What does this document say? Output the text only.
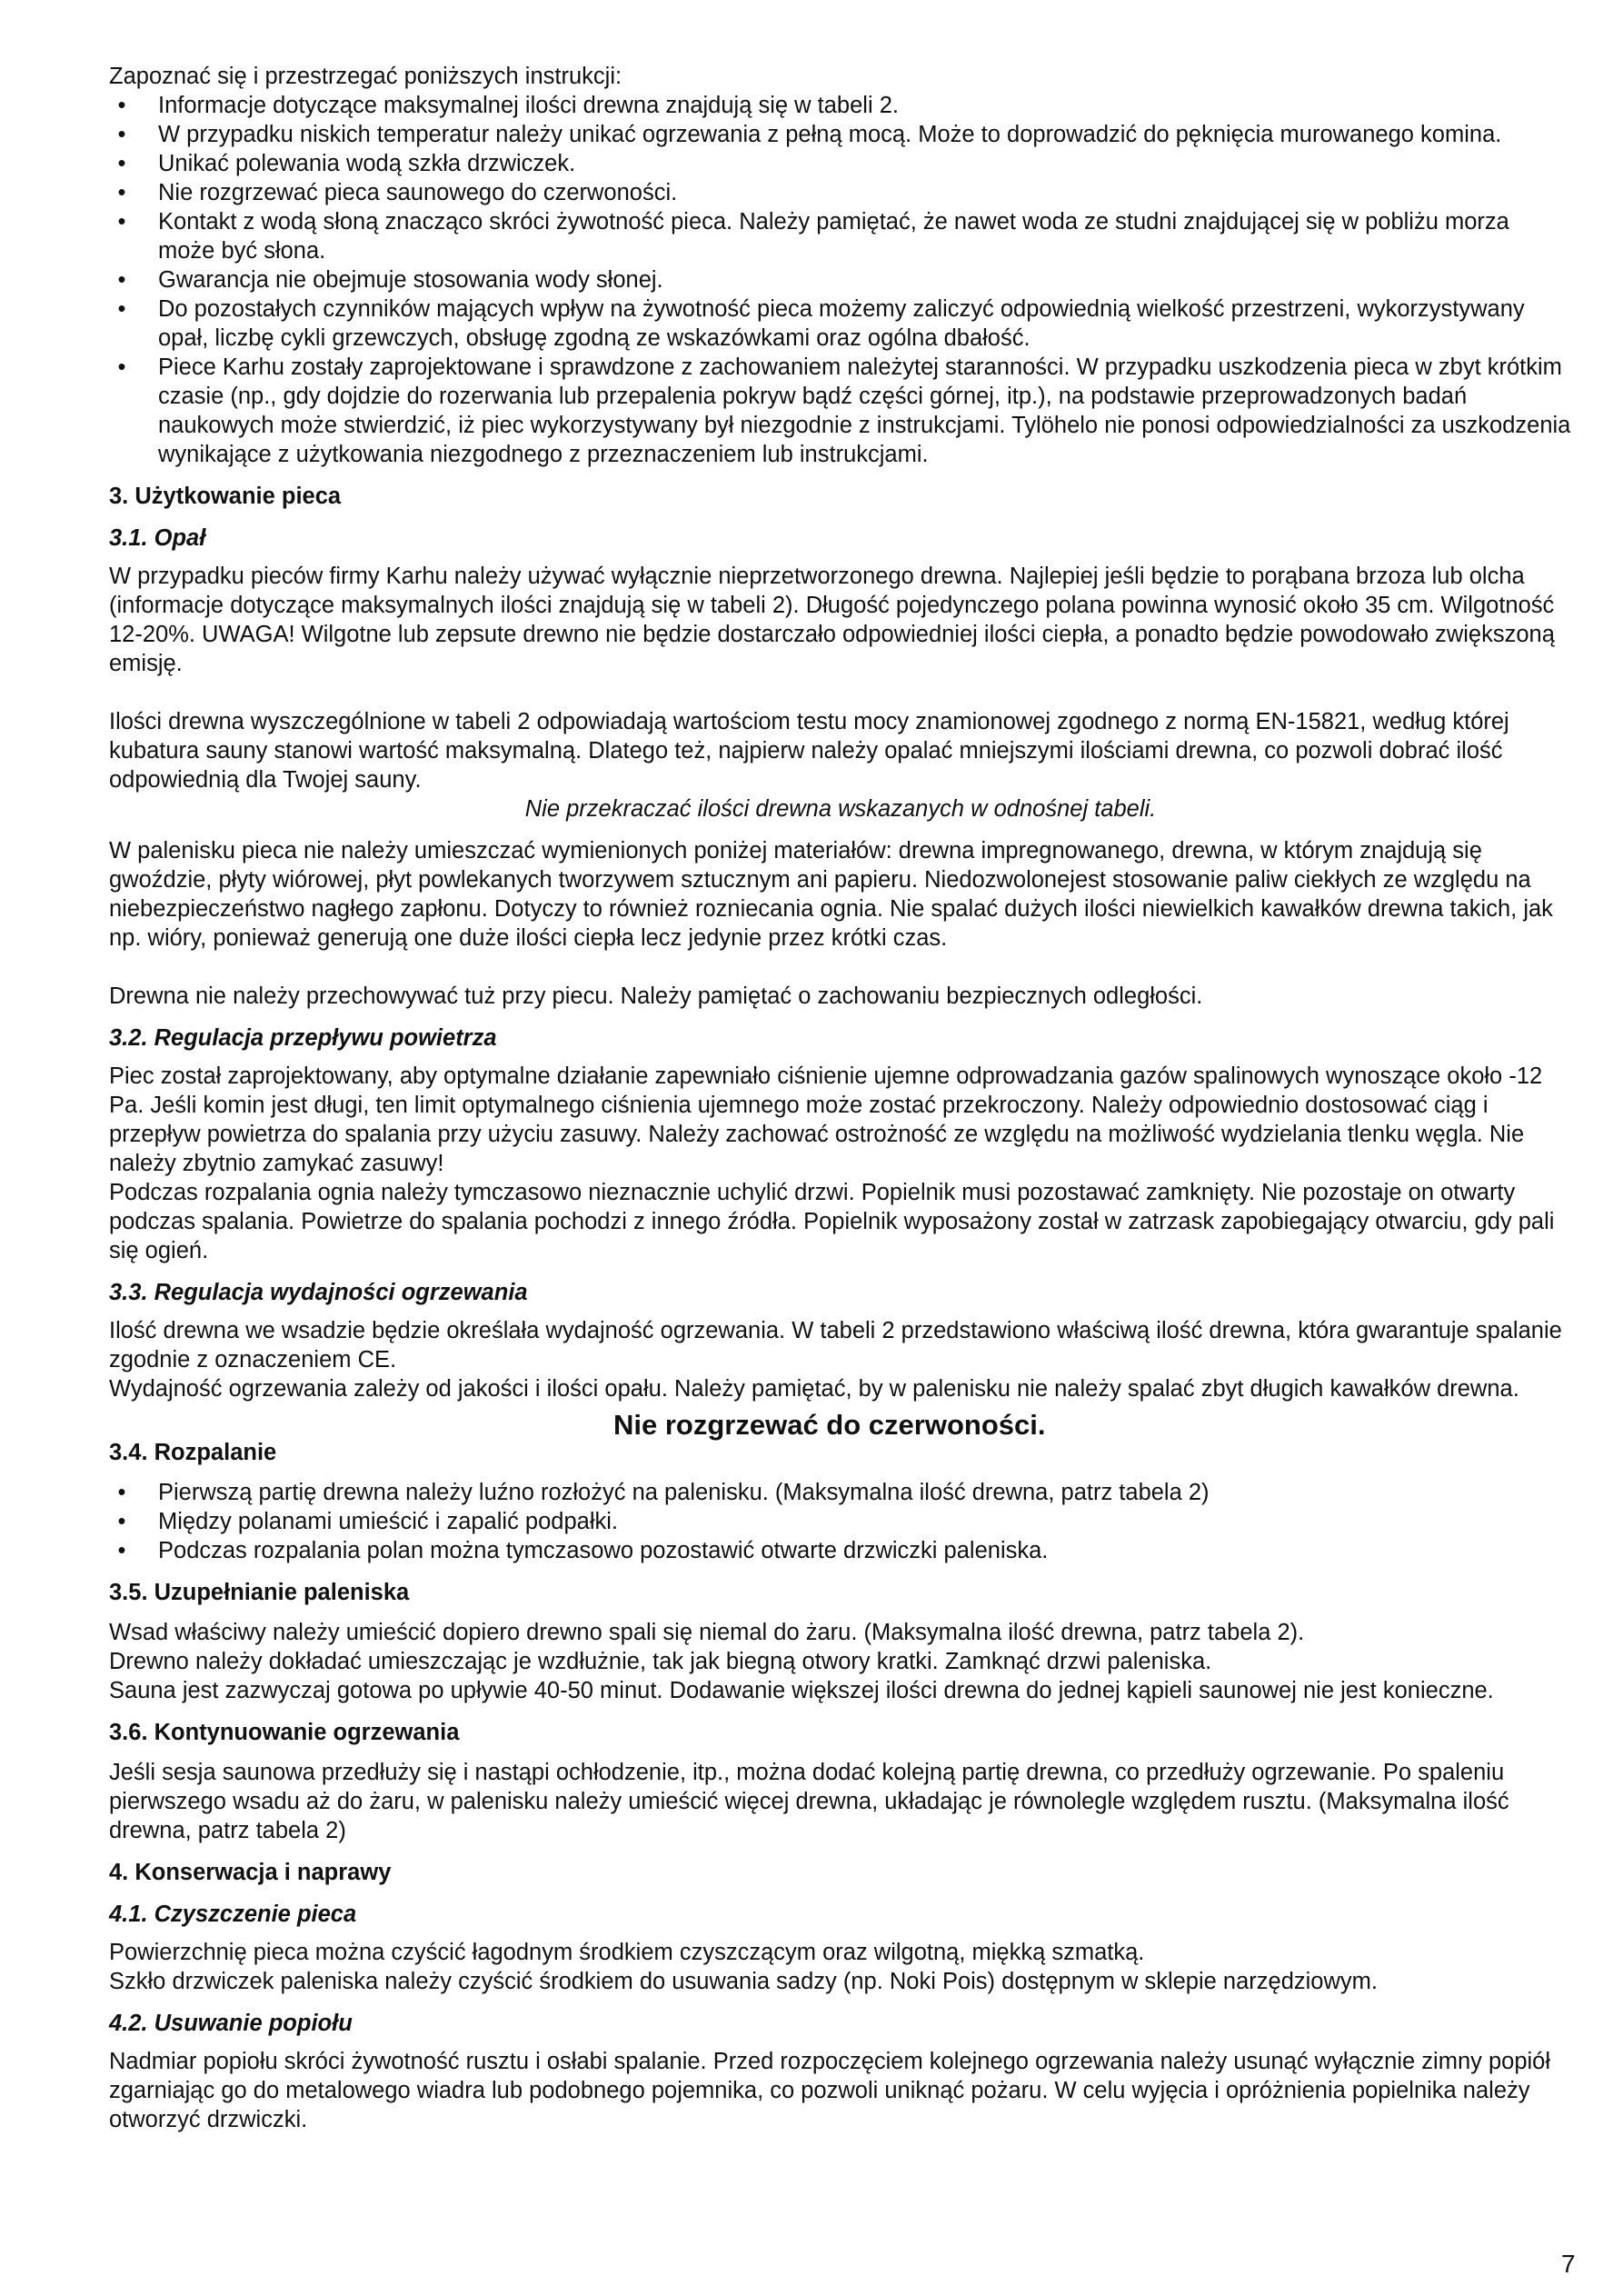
Zapoznać się i przestrzegać poniższych instrukcji:

• Informacje dotyczące maksymalnej ilości drewna znajdują się w tabeli 2.
• W przypadku niskich temperatur należy unikać ogrzewania z pełną mocą. Może to doprowadzić do pęknięcia murowanego komina.
• Unikać polewania wodą szkła drzwiczek.
• Nie rozgrzewać pieca saunowego do czerwoności.
• Kontakt z wodą słoną znacząco skróci żywotność pieca. Należy pamiętać, że nawet woda ze studni znajdującej się w pobliżu morza może być słona.
• Gwarancja nie obejmuje stosowania wody słonej.
• Do pozostałych czynników mających wpływ na żywotność pieca możemy zaliczyć odpowiednią wielkość przestrzeni, wykorzystywany opał, liczbę cykli grzewczych, obsługę zgodną ze wskazówkami oraz ogólna dbałość.
• Piece Karhu zostały zaprojektowane i sprawdzone z zachowaniem należytej staranności. W przypadku uszkodzenia pieca w zbyt krótkim czasie (np., gdy dojdzie do rozerwania lub przepalenia pokryw bądź części górnej, itp.), na podstawie przeprowadzonych badań naukowych może stwierdzić, iż piec wykorzystywany był niezgodnie z instrukcjami. Tylöhelo nie ponosi odpowiedzialności za uszkodzenia wynikające z użytkowania niezgodnego z przeznaczeniem lub instrukcjami.

3. Użytkowanie pieca

3.1. Opał

W przypadku pieców firmy Karhu należy używać wyłącznie nieprzetworzonego drewna. Najlepiej jeśli będzie to porąbana brzoza lub olcha (informacje dotyczące maksymalnych ilości znajdują się w tabeli 2). Długość pojedynczego polana powinna wynosić około 35 cm. Wilgotność 12-20%. UWAGA! Wilgotne lub zepsute drewno nie będzie dostarczało odpowiedniej ilości ciepła, a ponadto będzie powodowało zwiększoną emisję.

Ilości drewna wyszczególnione w tabeli 2 odpowiadają wartościom testu mocy znamionowej zgodnego z normą EN-15821, według której kubatura sauny stanowi wartość maksymalną. Dlatego też, najpierw należy opalać mniejszymi ilościami drewna, co pozwoli dobrać ilość odpowiednią dla Twojej sauny.

Nie przekraczać ilości drewna wskazanych w odnośnej tabeli.

W palenisku pieca nie należy umieszczać wymienionych poniżej materiałów: drewna impregnowanego, drewna, w którym znajdują się gwoździe, płyty wiórowej, płyt powlekanych tworzywem sztucznym ani papieru. Niedozwolonejest stosowanie paliw ciekłych ze względu na niebezpieczeństwo nagłego zapłonu. Dotyczy to również rozniecania ognia. Nie spalać dużych ilości niewielkich kawałków drewna takich, jak np. wióry, ponieważ generują one duże ilości ciepła lecz jedynie przez krótki czas.

Drewna nie należy przechowywać tuż przy piecu. Należy pamiętać o zachowaniu bezpiecznych odległości.

3.2. Regulacja przepływu powietrza

Piec został zaprojektowany, aby optymalne działanie zapewniało ciśnienie ujemne odprowadzania gazów spalinowych wynoszące około -12 Pa. Jeśli komin jest długi, ten limit optymalnego ciśnienia ujemnego może zostać przekroczony. Należy odpowiednio dostosować ciąg i przepływ powietrza do spalania przy użyciu zasuwy. Należy zachować ostrożność ze względu na możliwość wydzielania tlenku węgla. Nie należy zbytnio zamykać zasuwy!

Podczas rozpalania ognia należy tymczasowo nieznacznie uchylić drzwi. Popielnik musi pozostawać zamknięty. Nie pozostaje on otwarty podczas spalania. Powietrze do spalania pochodzi z innego źródła. Popielnik wyposażony został w zatrzask zapobiegający otwarciu, gdy pali się ogień.

3.3. Regulacja wydajności ogrzewania

Ilość drewna we wsadzie będzie określała wydajność ogrzewania. W tabeli 2 przedstawiono właściwą ilość drewna, która gwarantuje spalanie zgodnie z oznaczeniem CE.

Wydajność ogrzewania zależy od jakości i ilości opału. Należy pamiętać, by w palenisku nie należy spalać zbyt długich kawałków drewna.

Nie rozgrzewać do czerwoności.
3.4. Rozpalanie
• Pierwszą partię drewna należy luźno rozłożyć na palenisku. (Maksymalna ilość drewna, patrz tabela 2)
• Między polanami umieścić i zapalić podpałki.
• Podczas rozpalania polan można tymczasowo pozostawić otwarte drzwiczki paleniska.

3.5. Uzupełnianie paleniska

Wsad właściwy należy umieścić dopiero drewno spali się niemal do żaru. (Maksymalna ilość drewna, patrz tabela 2).

Drewno należy dokładać umieszczając je wzdłużnie, tak jak biegną otwory kratki. Zamknąć drzwi paleniska.

Sauna jest zazwyczaj gotowa po upływie 40-50 minut. Dodawanie większej ilości drewna do jednej kąpieli saunowej nie jest konieczne.

3.6. Kontynuowanie ogrzewania

Jeśli sesja saunowa przedłuży się i nastąpi ochłodzenie, itp., można dodać kolejną partię drewna, co przedłuży ogrzewanie. Po spaleniu pierwszego wsadu aż do żaru, w palenisku należy umieścić więcej drewna, układając je równolegle względem rusztu. (Maksymalna ilość drewna, patrz tabela 2)

4. Konserwacja i naprawy

4.1. Czyszczenie pieca

Powierzchnię pieca można czyścić łagodnym środkiem czyszczącym oraz wilgotną, miękką szmatką.

Szkło drzwiczek paleniska należy czyścić środkiem do usuwania sadzy (np. Noki Pois) dostępnym w sklepie narzędziowym.

4.2. Usuwanie popiołu

Nadmiar popiołu skróci żywotność rusztu i osłabi spalanie. Przed rozpoczęciem kolejnego ogrzewania należy usunąć wyłącznie zimny popiół zgarniając go do metalowego wiadra lub podobnego pojemnika, co pozwoli uniknąć pożaru. W celu wyjęcia i opróżnienia popielnika należy otworzyć drzwiczki.

7
